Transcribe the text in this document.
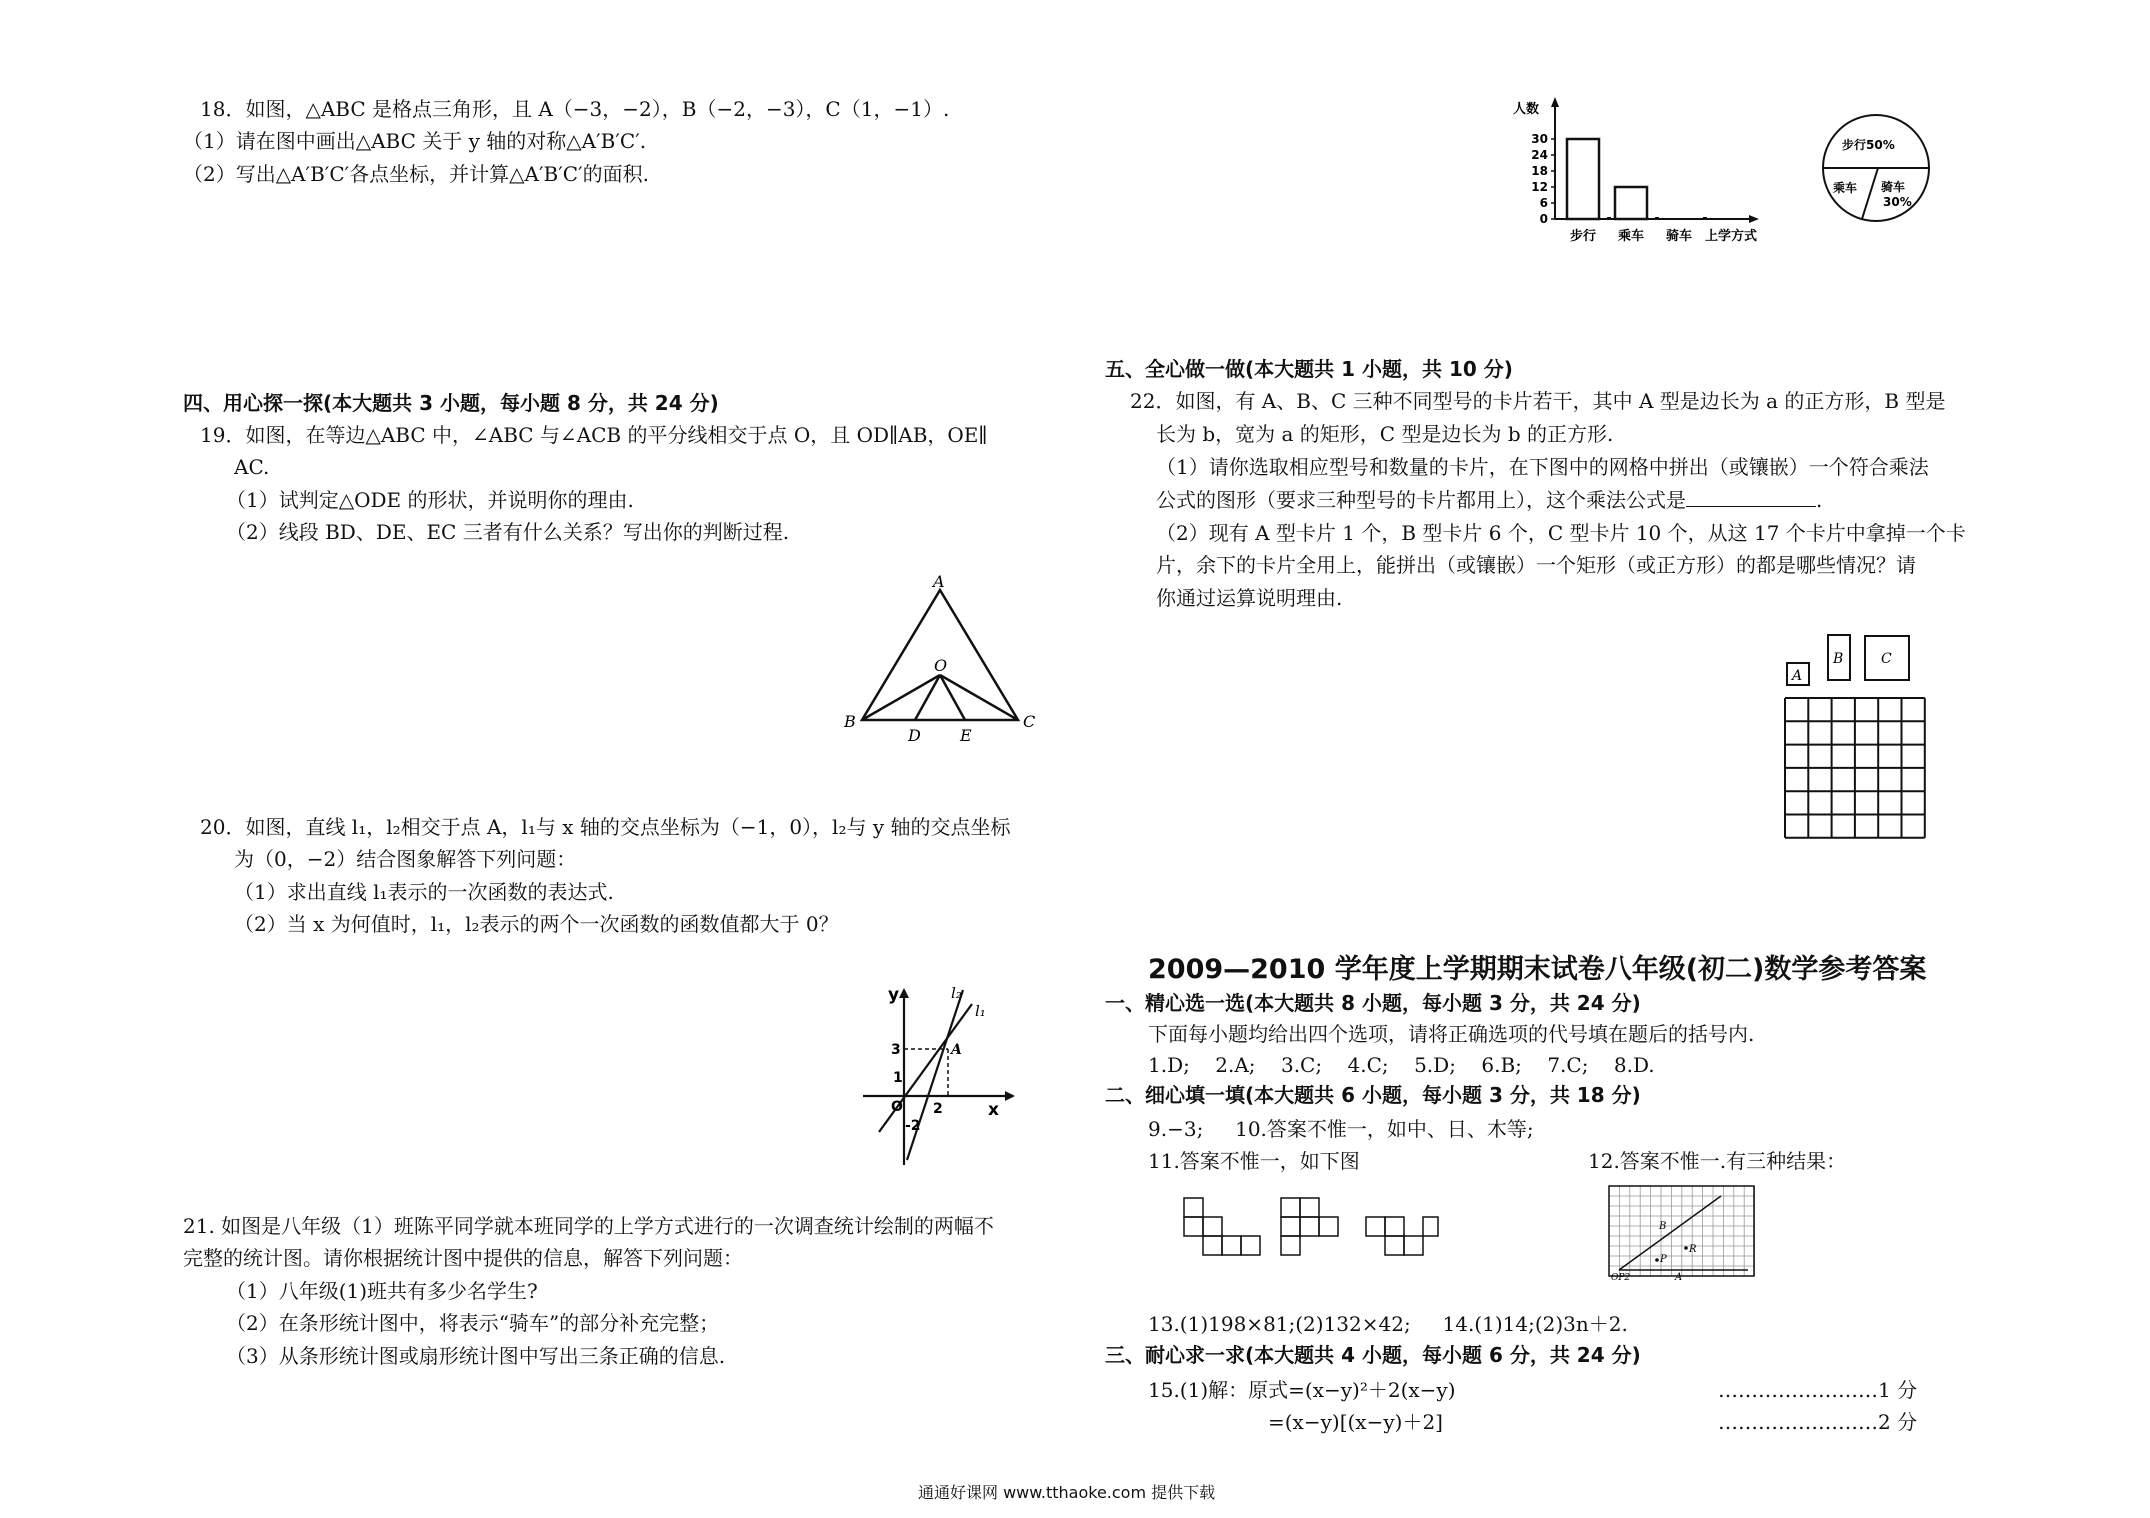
18．如图，△ABC 是格点三角形，且 A（−3，−2），B（−2，−3），C（1，−1）.
（1）请在图中画出△ABC 关于 y 轴的对称△A′B′C′.
（2）写出△A′B′C′各点坐标，并计算△A′B′C′的面积.
四、用心探一探(本大题共 3 小题，每小题 8 分，共 24 分)
19．如图，在等边△ABC 中，∠ABC 与∠ACB 的平分线相交于点 O，且 OD∥AB，OE∥
AC.
（1）试判定△ODE 的形状，并说明你的理由.
（2）线段 BD、DE、EC 三者有什么关系？写出你的判断过程.
A
O
B	C
D E
20．如图，直线 l₁，l₂相交于点 A，l₁与 x 轴的交点坐标为（−1，0），l₂与 y 轴的交点坐标
为（0，−2）结合图象解答下列问题：
（1）求出直线 l₁表示的一次函数的表达式.
（2）当 x 为何值时，l₁，l₂表示的两个一次函数的函数值都大于 0？
y
x
l₂
l₁
3	A
1
O 2
-2
21. 如图是八年级（1）班陈平同学就本班同学的上学方式进行的一次调查统计绘制的两幅不
完整的统计图。请你根据统计图中提供的信息，解答下列问题：
（1）八年级(1)班共有多少名学生?
（2）在条形统计图中，将表示“骑车”的部分补充完整；
（3）从条形统计图或扇形统计图中写出三条正确的信息.
人数
上学方式
0
6
12
18
24
30
步行 乘车 骑车
步行50%
乘车 骑车
30%
五、全心做一做(本大题共 1 小题，共 10 分)
22．如图，有 A、B、C 三种不同型号的卡片若干，其中 A 型是边长为 a 的正方形，B 型是
长为 b，宽为 a 的矩形，C 型是边长为 b 的正方形.
（1）请你选取相应型号和数量的卡片，在下图中的网格中拼出（或镶嵌）一个符合乘法
公式的图形（要求三种型号的卡片都用上），这个乘法公式是	.
（2）现有 A 型卡片 1 个，B 型卡片 6 个，C 型卡片 10 个，从这 17 个卡片中拿掉一个卡
片，余下的卡片全用上，能拼出（或镶嵌）一个矩形（或正方形）的都是哪些情况？请
你通过运算说明理由.
A
B	C
2009—2010 学年度上学期期末试卷八年级(初二)数学参考答案
一、精心选一选(本大题共 8 小题，每小题 3 分，共 24 分)
下面每小题均给出四个选项，请将正确选项的代号填在题后的括号内.
1.D;    2.A;    3.C;    4.C;    5.D;    6.B;    7.C;    8.D.
二、细心填一填(本大题共 6 小题，每小题 3 分，共 18 分)
9.−3;     10.答案不惟一，如中、日、木等;
11.答案不惟一，如下图	12.答案不惟一.有三种结果：
B
R
P
OP2	A
13.(1)198×81;(2)132×42;     14.(1)14;(2)3n＋2.
三、耐心求一求(本大题共 4 小题，每小题 6 分，共 24 分)
15.(1)解：原式=(x−y)²＋2(x−y)	……………………1 分
=(x−y)[(x−y)＋2]	……………………2 分
通通好课网 www.tthaoke.com 提供下载
